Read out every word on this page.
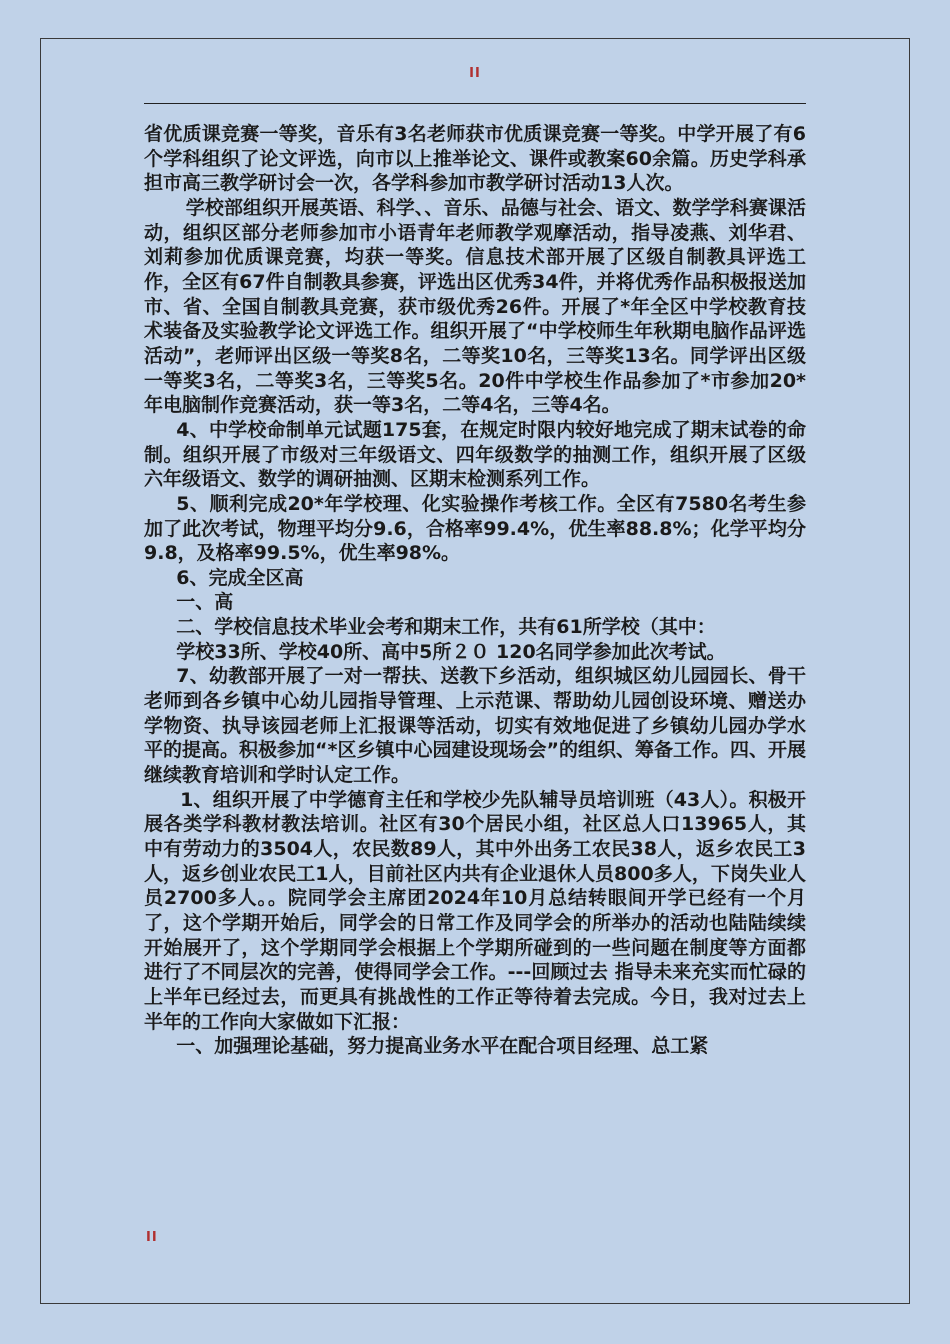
II

省优质课竞赛一等奖，音乐有3名老师获市优质课竞赛一等奖。中学开展了有6个学科组织了论文评选，向市以上推举论文、课件或教案60余篇。历史学科承担市高三教学研讨会一次，各学科参加市教学研讨活动13人次。

学校部组织开展英语、科学、、音乐、品德与社会、语文、数学学科赛课活动，组织区部分老师参加市小语青年老师教学观摩活动，指导凌燕、刘华君、刘莉参加优质课竞赛，均获一等奖。信息技术部开展了区级自制教具评选工作，全区有67件自制教具参赛，评选出区优秀34件，并将优秀作品积极报送加市、省、全国自制教具竞赛，获市级优秀26件。开展了*年全区中学校教育技术装备及实验教学论文评选工作。组织开展了“中学校师生年秋期电脑作品评选活动”，老师评出区级一等奖8名，二等奖10名，三等奖13名。同学评出区级一等奖3名，二等奖3名，三等奖5名。20件中学校生作品参加了*市参加20*年电脑制作竞赛活动，获一等3名，二等4名，三等4名。

4、中学校命制单元试题175套，在规定时限内较好地完成了期末试卷的命制。组织开展了市级对三年级语文、四年级数学的抽测工作，组织开展了区级六年级语文、数学的调研抽测、区期末检测系列工作。

5、顺利完成20*年学校理、化实验操作考核工作。全区有7580名考生参加了此次考试，物理平均分9.6，合格率99.4%，优生率88.8%；化学平均分9.8，及格率99.5%，优生率98%。

6、完成全区高

一、高

二、学校信息技术毕业会考和期末工作，共有61所学校（其中：

学校33所、学校40所、高中5所２０ 120名同学参加此次考试。

7、幼教部开展了一对一帮扶、送教下乡活动，组织城区幼儿园园长、骨干老师到各乡镇中心幼儿园指导管理、上示范课、帮助幼儿园创设环境、赠送办学物资、执导该园老师上汇报课等活动，切实有效地促进了乡镇幼儿园办学水平的提高。积极参加“*区乡镇中心园建设现场会”的组织、筹备工作。四、开展继续教育培训和学时认定工作。

1、组织开展了中学德育主任和学校少先队辅导员培训班（43人）。积极开展各类学科教材教法培训。社区有30个居民小组，社区总人口13965人，其中有劳动力的3504人，农民数89人，其中外出务工农民38人，返乡农民工3人，返乡创业农民工1人，目前社区内共有企业退休人员800多人，下岗失业人员2700多人。。院同学会主席团2024年10月总结转眼间开学已经有一个月了，这个学期开始后，同学会的日常工作及同学会的所举办的活动也陆陆续续开始展开了，这个学期同学会根据上个学期所碰到的一些问题在制度等方面都进行了不同层次的完善，使得同学会工作。---回顾过去 指导未来充实而忙碌的上半年已经过去，而更具有挑战性的工作正等待着去完成。今日，我对过去上半年的工作向大家做如下汇报：

一、加强理论基础，努力提高业务水平在配合项目经理、总工紧

II
